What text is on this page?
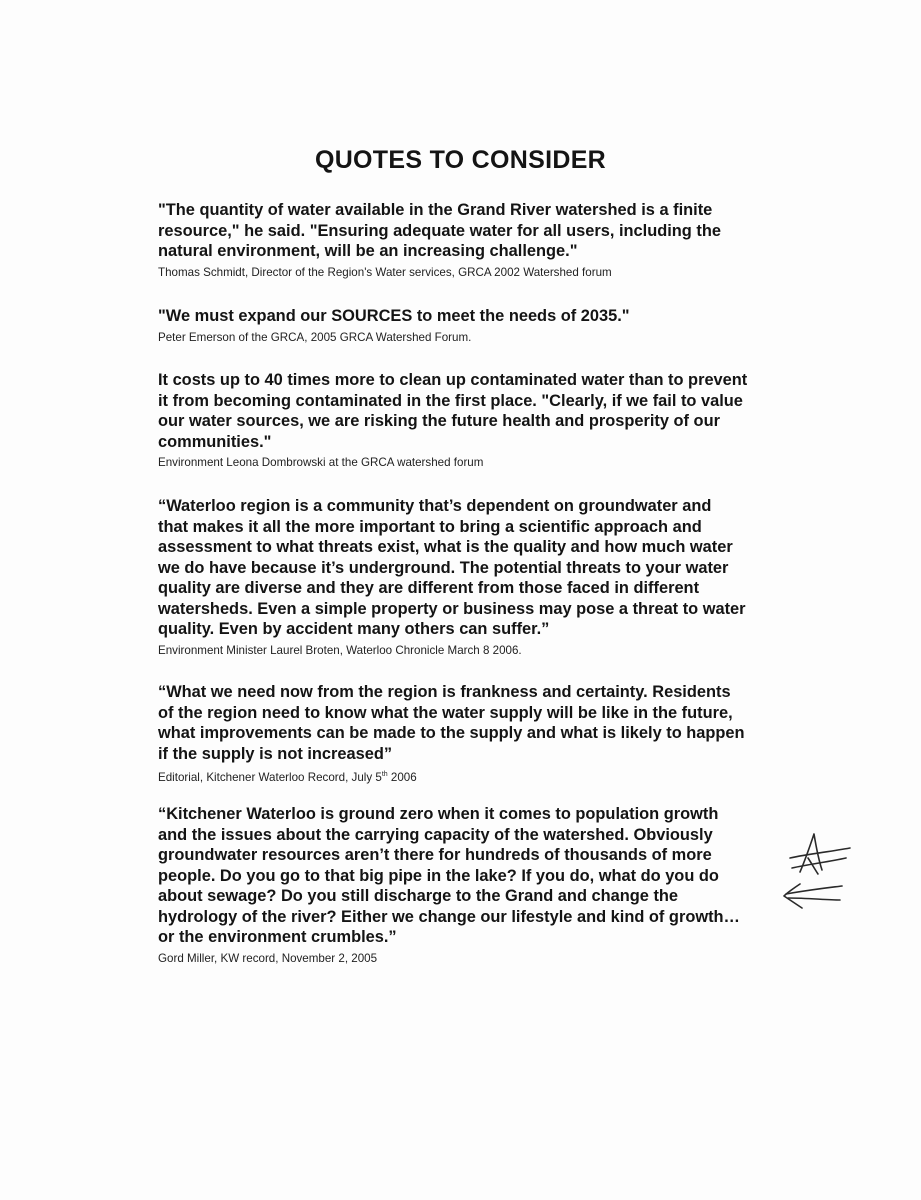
QUOTES TO CONSIDER

"The quantity of water available in the Grand River watershed is a finite
resource," he said. "Ensuring adequate water for all users, including the
natural environment, will be an increasing challenge."

Thomas Schmidt, Director of the Region's Water services, GRCA 2002 Watershed forum

"We must expand our SOURCES to meet the needs of 2035."

Peter Emerson of the GRCA, 2005 GRCA Watershed Forum.

It costs up to 40 times more to clean up contaminated water than to prevent
it from becoming contaminated in the first place. "Clearly, if we fail to value
our water sources, we are risking the future health and prosperity of our
communities."

Environment Leona Dombrowski at the GRCA watershed forum

“Waterloo region is a community that’s dependent on groundwater and
that makes it all the more important to bring a scientific approach and
assessment to what threats exist, what is the quality and how much water
we do have because it’s underground. The potential threats to your water
quality are diverse and they are different from those faced in different
watersheds. Even a simple property or business may pose a threat to water
quality. Even by accident many others can suffer.”

Environment Minister Laurel Broten, Waterloo Chronicle March 8 2006.

“What we need now from the region is frankness and certainty. Residents
of the region need to know what the water supply will be like in the future,
what improvements can be made to the supply and what is likely to happen
if the supply is not increased”

Editorial, Kitchener Waterloo Record, July 5th 2006

“Kitchener Waterloo is ground zero when it comes to population growth
and the issues about the carrying capacity of the watershed. Obviously
groundwater resources aren’t there for hundreds of thousands of more
people. Do you go to that big pipe in the lake? If you do, what do you do
about sewage? Do you still discharge to the Grand and change the
hydrology of the river? Either we change our lifestyle and kind of growth…
or the environment crumbles.”

Gord Miller, KW record, November 2, 2005
